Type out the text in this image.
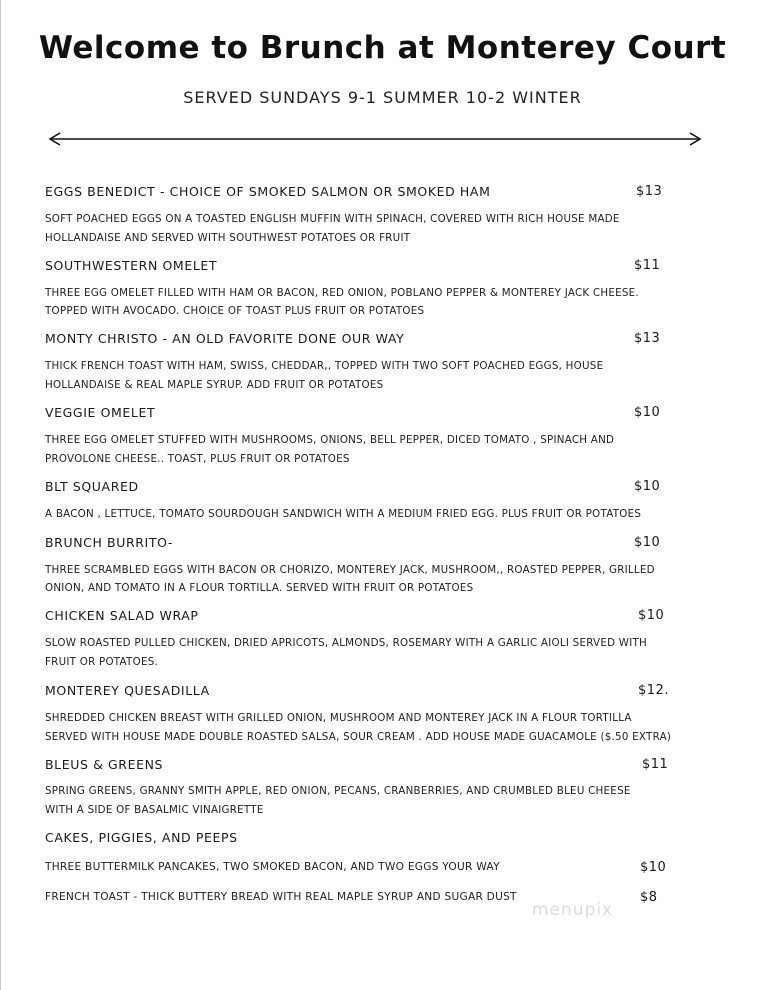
Welcome to Brunch at Monterey Court
SERVED SUNDAYS 9-1 SUMMER 10-2 WINTER
EGGS BENEDICT - CHOICE OF SMOKED SALMON OR SMOKED HAM	$13
SOFT POACHED EGGS ON A TOASTED ENGLISH MUFFIN WITH SPINACH, COVERED WITH RICH HOUSE MADE
HOLLANDAISE AND SERVED WITH SOUTHWEST POTATOES OR FRUIT
SOUTHWESTERN OMELET	$11
THREE EGG OMELET FILLED WITH HAM OR BACON, RED ONION, POBLANO PEPPER & MONTEREY JACK CHEESE.
TOPPED WITH AVOCADO. CHOICE OF TOAST PLUS FRUIT OR POTATOES
MONTY CHRISTO - AN OLD FAVORITE DONE OUR WAY	$13
THICK FRENCH TOAST WITH HAM, SWISS, CHEDDAR,, TOPPED WITH TWO SOFT POACHED EGGS, HOUSE
HOLLANDAISE & REAL MAPLE SYRUP. ADD FRUIT OR POTATOES
VEGGIE OMELET	$10
THREE EGG OMELET STUFFED WITH MUSHROOMS, ONIONS, BELL PEPPER, DICED TOMATO , SPINACH AND
PROVOLONE CHEESE.. TOAST, PLUS FRUIT OR POTATOES
BLT SQUARED	$10
A BACON , LETTUCE, TOMATO SOURDOUGH SANDWICH WITH A MEDIUM FRIED EGG. PLUS FRUIT OR POTATOES
BRUNCH BURRITO-	$10
THREE SCRAMBLED EGGS WITH BACON OR CHORIZO, MONTEREY JACK, MUSHROOM,, ROASTED PEPPER, GRILLED
ONION, AND TOMATO IN A FLOUR TORTILLA. SERVED WITH FRUIT OR POTATOES
CHICKEN SALAD WRAP	$10
SLOW ROASTED PULLED CHICKEN, DRIED APRICOTS, ALMONDS, ROSEMARY WITH A GARLIC AIOLI SERVED WITH
FRUIT OR POTATOES.
MONTEREY QUESADILLA	$12.
SHREDDED CHICKEN BREAST WITH GRILLED ONION, MUSHROOM AND MONTEREY JACK IN A FLOUR TORTILLA
SERVED WITH HOUSE MADE DOUBLE ROASTED SALSA, SOUR CREAM . ADD HOUSE MADE GUACAMOLE ($.50 EXTRA)
BLEUS & GREENS	$11
SPRING GREENS, GRANNY SMITH APPLE, RED ONION, PECANS, CRANBERRIES, AND CRUMBLED BLEU CHEESE
WITH A SIDE OF BASALMIC VINAIGRETTE
CAKES, PIGGIES, AND PEEPS
THREE BUTTERMILK PANCAKES, TWO SMOKED BACON, AND TWO EGGS YOUR WAY	$10
FRENCH TOAST - THICK BUTTERY BREAD WITH REAL MAPLE SYRUP AND SUGAR DUST	$8
menupix
